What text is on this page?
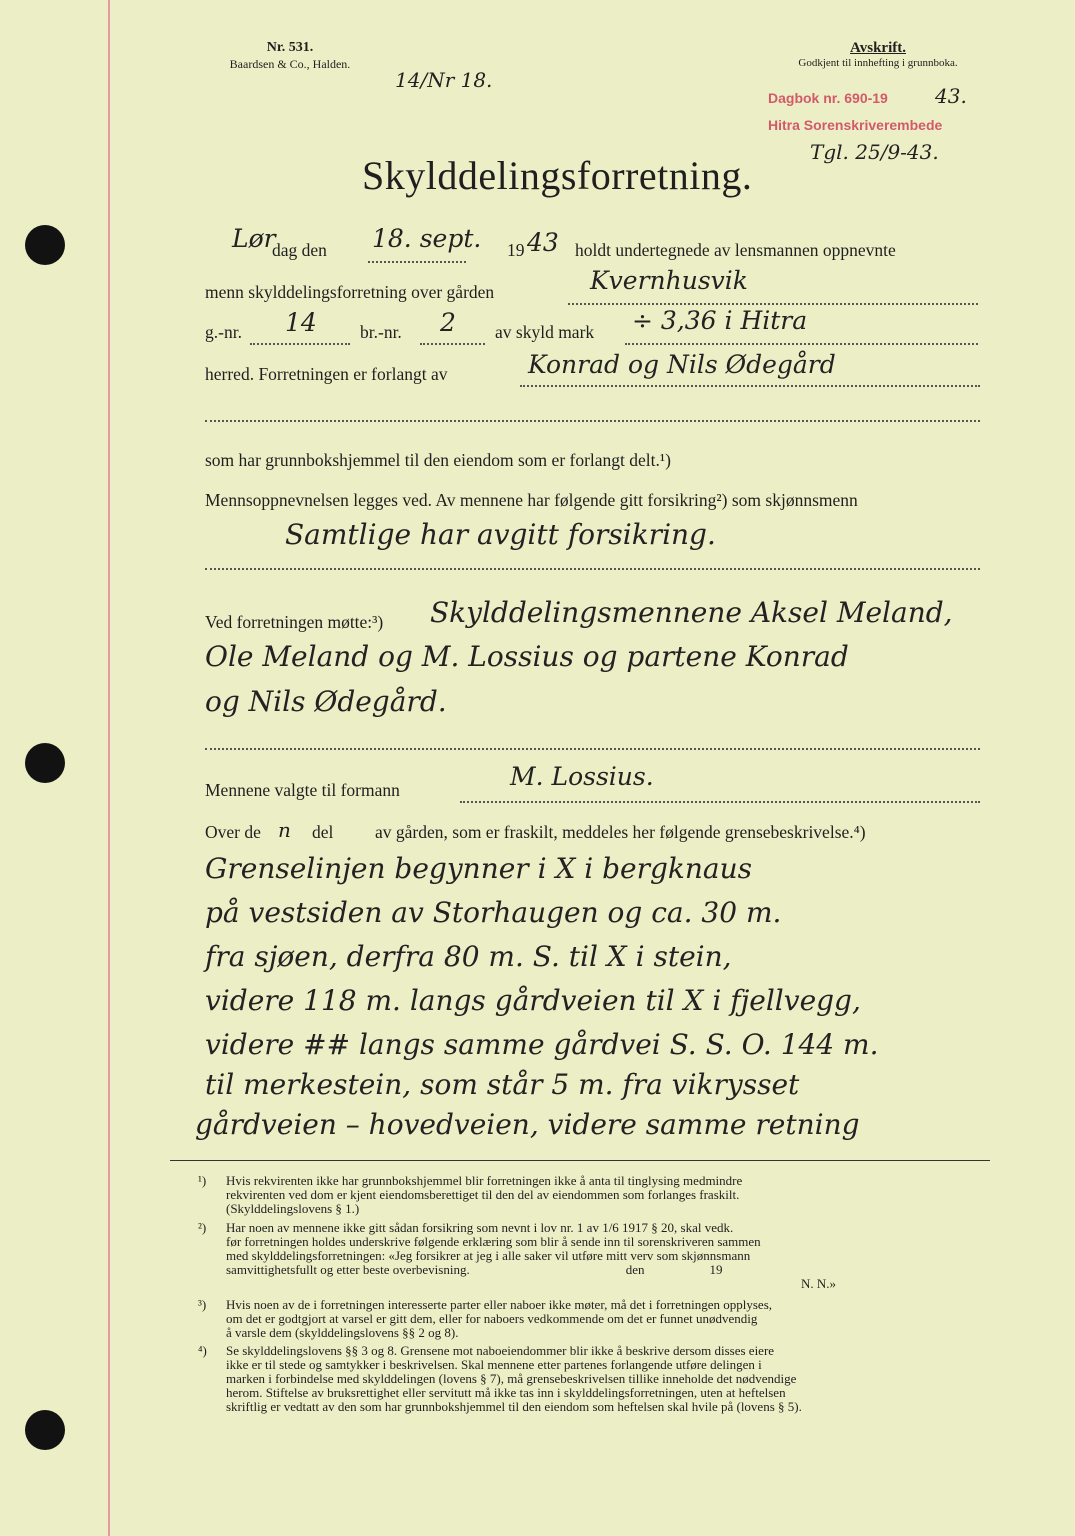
Nr. 531.
Baardsen & Co., Halden.
14/Nr 18.
Avskrift.
Godkjent til innhefting i grunnboka.
Dagbok nr. 690-19 43.
Hitra Sorenskriverembede
Tgl. 25/9-43.
Skylddelingsforretning.
Lør
dag den 18. sept. 19 43 holdt undertegnede av lensmannen oppnevnte
menn skylddelingsforretning over gården	Kvernhusvik
g.-nr. 14 br.-nr. 2 av skyld mark ÷ 3,36 i Hitra
herred. Forretningen er forlangt av	Konrad og Nils Ødegård
som har grunnbokshjemmel til den eiendom som er forlangt delt.¹)
Mennsoppnevnelsen legges ved. Av mennene har følgende gitt forsikring²) som skjønnsmenn
Samtlige har avgitt forsikring.
Ved forretningen møtte:³) Skylddelingsmennene Aksel Meland,
Ole Meland og M. Lossius og partene Konrad
og Nils Ødegård.
Mennene valgte til formann	M. Lossius.
Over de n del av gården, som er fraskilt, meddeles her følgende grensebeskrivelse.⁴)
Grenselinjen begynner i X i bergknaus
på vestsiden av Storhaugen og ca. 30 m.
fra sjøen, derfra 80 m. S. til X i stein,
videre 118 m. langs gårdveien til X i fjellvegg,
videre ## langs samme gårdvei S. S. O. 144 m.
til merkestein, som står 5 m. fra vikrysset
gårdveien – hovedveien, videre samme retning
¹) Hvis rekvirenten ikke har grunnbokshjemmel blir forretningen ikke å anta til tinglysing medmindre

rekvirenten ved dom er kjent eiendomsberettiget til den del av eiendommen som forlanges fraskilt.

(Skylddelingslovens § 1.)

²) Har noen av mennene ikke gitt sådan forsikring som nevnt i lov nr. 1 av 1/6 1917 § 20, skal vedk.

før forretningen holdes underskrive følgende erklæring som blir å sende inn til sorenskriveren sammen

med skylddelingsforretningen: «Jeg forsikrer at jeg i alle saker vil utføre mitt verv som skjønnsmann

samvittighetsfullt og etter beste overbevisning.                                                den                    19

N. N.»

³) Hvis noen av de i forretningen interesserte parter eller naboer ikke møter, må det i forretningen opplyses,

om det er godtgjort at varsel er gitt dem, eller for naboers vedkommende om det er funnet unødvendig

å varsle dem (skylddelingslovens §§ 2 og 8).

⁴) Se skylddelingslovens §§ 3 og 8. Grensene mot naboeiendommer blir ikke å beskrive dersom disses eiere

ikke er til stede og samtykker i beskrivelsen. Skal mennene etter partenes forlangende utføre delingen i

marken i forbindelse med skylddelingen (lovens § 7), må grensebeskrivelsen tillike inneholde det nødvendige

herom. Stiftelse av bruksrettighet eller servitutt må ikke tas inn i skylddelingsforretningen, uten at heftelsen

skriftlig er vedtatt av den som har grunnbokshjemmel til den eiendom som heftelsen skal hvile på (lovens § 5).
